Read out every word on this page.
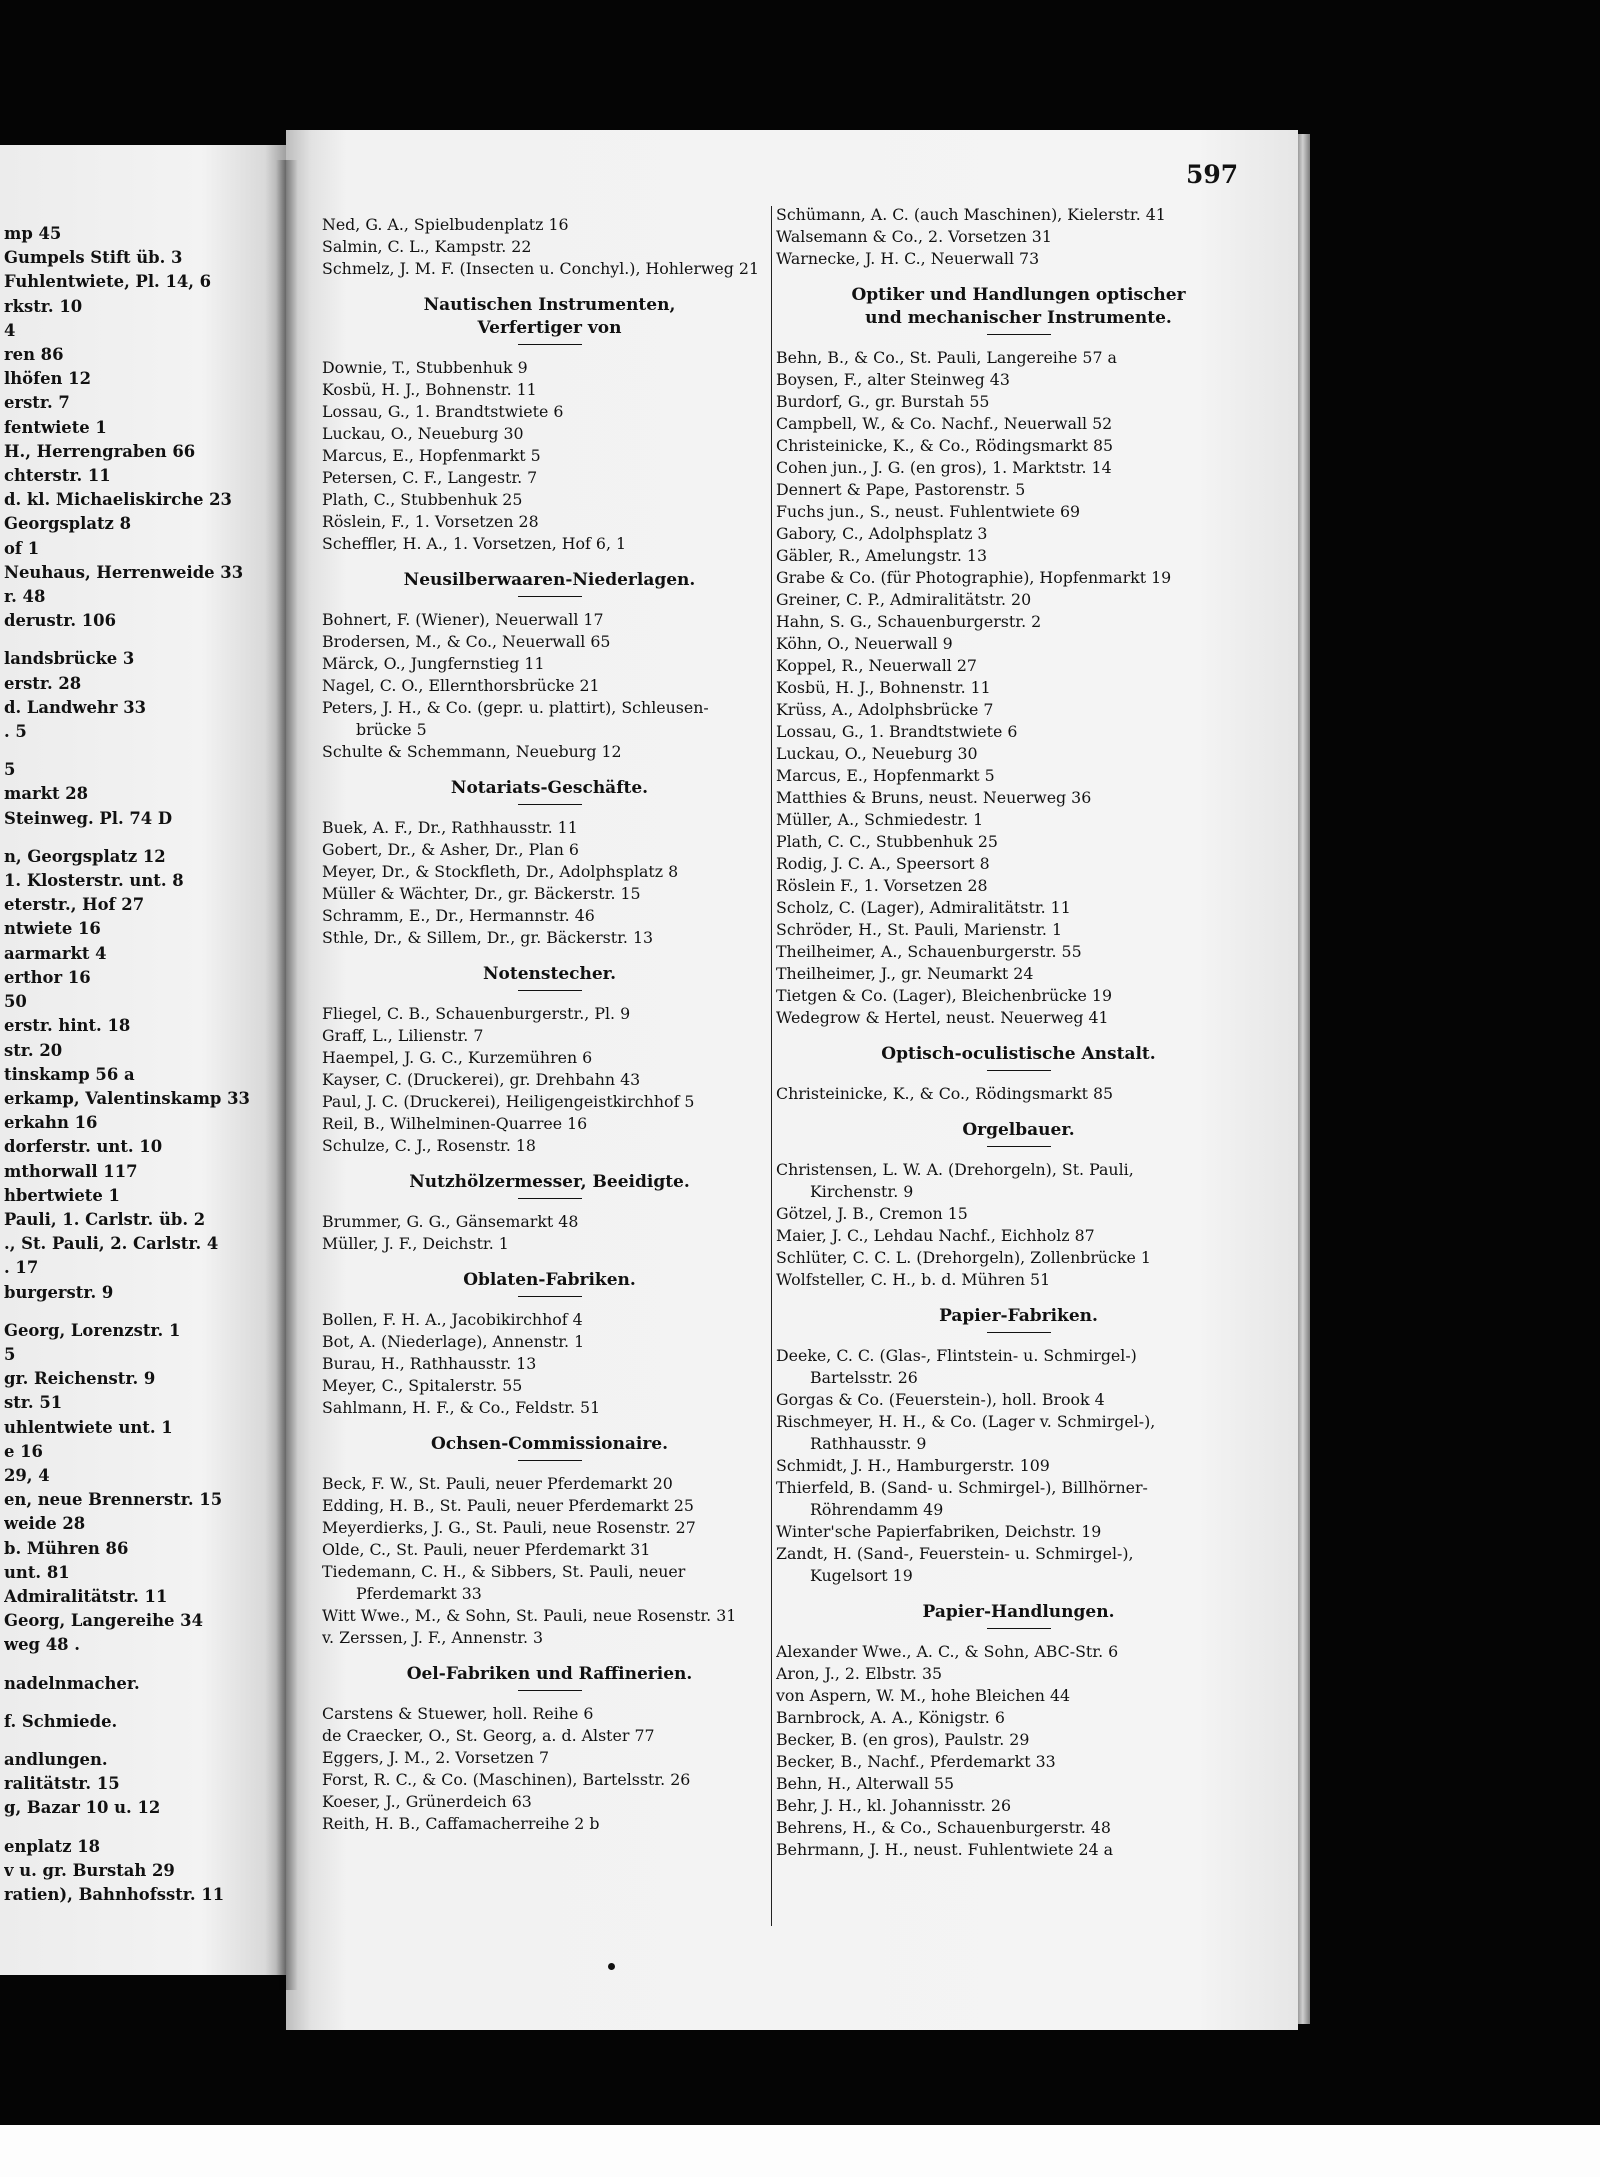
597
mp 45
Gumpels Stift üb. 3
Fuhlentwiete, Pl. 14, 6
rkstr. 10
4
ren 86
lhöfen 12
erstr. 7
fentwiete 1
H., Herrengraben 66
chterstr. 11
d. kl. Michaeliskirche 23
Georgsplatz 8
of 1
Neuhaus, Herrenweide 33
r. 48
derustr. 106
landsbrücke 3
erstr. 28
d. Landwehr 33
. 5
5
markt 28
Steinweg. Pl. 74 D
n, Georgsplatz 12
1. Klosterstr. unt. 8
eterstr., Hof 27
ntwiete 16
aarmarkt 4
erthor 16
50
erstr. hint. 18
str. 20
tinskamp 56 a
erkamp, Valentinskamp 33
erkahn 16
dorferstr. unt. 10
mthorwall 117
hbertwiete 1
Pauli, 1. Carlstr. üb. 2
., St. Pauli, 2. Carlstr. 4
. 17
burgerstr. 9
Georg, Lorenzstr. 1
5
gr. Reichenstr. 9
str. 51
uhlentwiete unt. 1
e 16
29, 4
en, neue Brennerstr. 15
weide 28
b. Mühren 86
unt. 81
Admiralitätstr. 11
Georg, Langereihe 34
weg 48 .
nadelnmacher.
f. Schmiede.
andlungen.
ralitätstr. 15
g, Bazar 10 u. 12
enplatz 18
v u. gr. Burstah 29
ratien), Bahnhofsstr. 11
Ned, G. A., Spielbudenplatz 16
Salmin, C. L., Kampstr. 22
Schmelz, J. M. F. (Insecten u. Conchyl.), Hohlerweg 21
Nautischen Instrumenten,
Verfertiger von
Downie, T., Stubbenhuk 9
Kosbü, H. J., Bohnenstr. 11
Lossau, G., 1. Brandtstwiete 6
Luckau, O., Neueburg 30
Marcus, E., Hopfenmarkt 5
Petersen, C. F., Langestr. 7
Plath, C., Stubbenhuk 25
Röslein, F., 1. Vorsetzen 28
Scheffler, H. A., 1. Vorsetzen, Hof 6, 1
Neusilberwaaren-Niederlagen.
Bohnert, F. (Wiener), Neuerwall 17
Brodersen, M., & Co., Neuerwall 65
Märck, O., Jungfernstieg 11
Nagel, C. O., Ellernthorsbrücke 21
Peters, J. H., & Co. (gepr. u. plattirt), Schleusen-
brücke 5
Schulte & Schemmann, Neueburg 12
Notariats-Geschäfte.
Buek, A. F., Dr., Rathhausstr. 11
Gobert, Dr., & Asher, Dr., Plan 6
Meyer, Dr., & Stockfleth, Dr., Adolphsplatz 8
Müller & Wächter, Dr., gr. Bäckerstr. 15
Schramm, E., Dr., Hermannstr. 46
Sthle, Dr., & Sillem, Dr., gr. Bäckerstr. 13
Notenstecher.
Fliegel, C. B., Schauenburgerstr., Pl. 9
Graff, L., Lilienstr. 7
Haempel, J. G. C., Kurzemühren 6
Kayser, C. (Druckerei), gr. Drehbahn 43
Paul, J. C. (Druckerei), Heiligengeistkirchhof 5
Reil, B., Wilhelminen-Quarree 16
Schulze, C. J., Rosenstr. 18
Nutzhölzermesser, Beeidigte.
Brummer, G. G., Gänsemarkt 48
Müller, J. F., Deichstr. 1
Oblaten-Fabriken.
Bollen, F. H. A., Jacobikirchhof 4
Bot, A. (Niederlage), Annenstr. 1
Burau, H., Rathhausstr. 13
Meyer, C., Spitalerstr. 55
Sahlmann, H. F., & Co., Feldstr. 51
Ochsen-Commissionaire.
Beck, F. W., St. Pauli, neuer Pferdemarkt 20
Edding, H. B., St. Pauli, neuer Pferdemarkt 25
Meyerdierks, J. G., St. Pauli, neue Rosenstr. 27
Olde, C., St. Pauli, neuer Pferdemarkt 31
Tiedemann, C. H., & Sibbers, St. Pauli, neuer
Pferdemarkt 33
Witt Wwe., M., & Sohn, St. Pauli, neue Rosenstr. 31
v. Zerssen, J. F., Annenstr. 3
Oel-Fabriken und Raffinerien.
Carstens & Stuewer, holl. Reihe 6
de Craecker, O., St. Georg, a. d. Alster 77
Eggers, J. M., 2. Vorsetzen 7
Forst, R. C., & Co. (Maschinen), Bartelsstr. 26
Koeser, J., Grünerdeich 63
Reith, H. B., Caffamacherreihe 2 b
Schümann, A. C. (auch Maschinen), Kielerstr. 41
Walsemann & Co., 2. Vorsetzen 31
Warnecke, J. H. C., Neuerwall 73
Optiker und Handlungen optischer
und mechanischer Instrumente.
Behn, B., & Co., St. Pauli, Langereihe 57 a
Boysen, F., alter Steinweg 43
Burdorf, G., gr. Burstah 55
Campbell, W., & Co. Nachf., Neuerwall 52
Christeinicke, K., & Co., Rödingsmarkt 85
Cohen jun., J. G. (en gros), 1. Marktstr. 14
Dennert & Pape, Pastorenstr. 5
Fuchs jun., S., neust. Fuhlentwiete 69
Gabory, C., Adolphsplatz 3
Gäbler, R., Amelungstr. 13
Grabe & Co. (für Photographie), Hopfenmarkt 19
Greiner, C. P., Admiralitätstr. 20
Hahn, S. G., Schauenburgerstr. 2
Köhn, O., Neuerwall 9
Koppel, R., Neuerwall 27
Kosbü, H. J., Bohnenstr. 11
Krüss, A., Adolphsbrücke 7
Lossau, G., 1. Brandtstwiete 6
Luckau, O., Neueburg 30
Marcus, E., Hopfenmarkt 5
Matthies & Bruns, neust. Neuerweg 36
Müller, A., Schmiedestr. 1
Plath, C. C., Stubbenhuk 25
Rodig, J. C. A., Speersort 8
Röslein F., 1. Vorsetzen 28
Scholz, C. (Lager), Admiralitätstr. 11
Schröder, H., St. Pauli, Marienstr. 1
Theilheimer, A., Schauenburgerstr. 55
Theilheimer, J., gr. Neumarkt 24
Tietgen & Co. (Lager), Bleichenbrücke 19
Wedegrow & Hertel, neust. Neuerweg 41
Optisch-oculistische Anstalt.
Christeinicke, K., & Co., Rödingsmarkt 85
Orgelbauer.
Christensen, L. W. A. (Drehorgeln), St. Pauli,
Kirchenstr. 9
Götzel, J. B., Cremon 15
Maier, J. C., Lehdau Nachf., Eichholz 87
Schlüter, C. C. L. (Drehorgeln), Zollenbrücke 1
Wolfsteller, C. H., b. d. Mühren 51
Papier-Fabriken.
Deeke, C. C. (Glas-, Flintstein- u. Schmirgel-)
Bartelsstr. 26
Gorgas & Co. (Feuerstein-), holl. Brook 4
Rischmeyer, H. H., & Co. (Lager v. Schmirgel-),
Rathhausstr. 9
Schmidt, J. H., Hamburgerstr. 109
Thierfeld, B. (Sand- u. Schmirgel-), Billhörner-
Röhrendamm 49
Winter'sche Papierfabriken, Deichstr. 19
Zandt, H. (Sand-, Feuerstein- u. Schmirgel-),
Kugelsort 19
Papier-Handlungen.
Alexander Wwe., A. C., & Sohn, ABC-Str. 6
Aron, J., 2. Elbstr. 35
von Aspern, W. M., hohe Bleichen 44
Barnbrock, A. A., Königstr. 6
Becker, B. (en gros), Paulstr. 29
Becker, B., Nachf., Pferdemarkt 33
Behn, H., Alterwall 55
Behr, J. H., kl. Johannisstr. 26
Behrens, H., & Co., Schauenburgerstr. 48
Behrmann, J. H., neust. Fuhlentwiete 24 a
